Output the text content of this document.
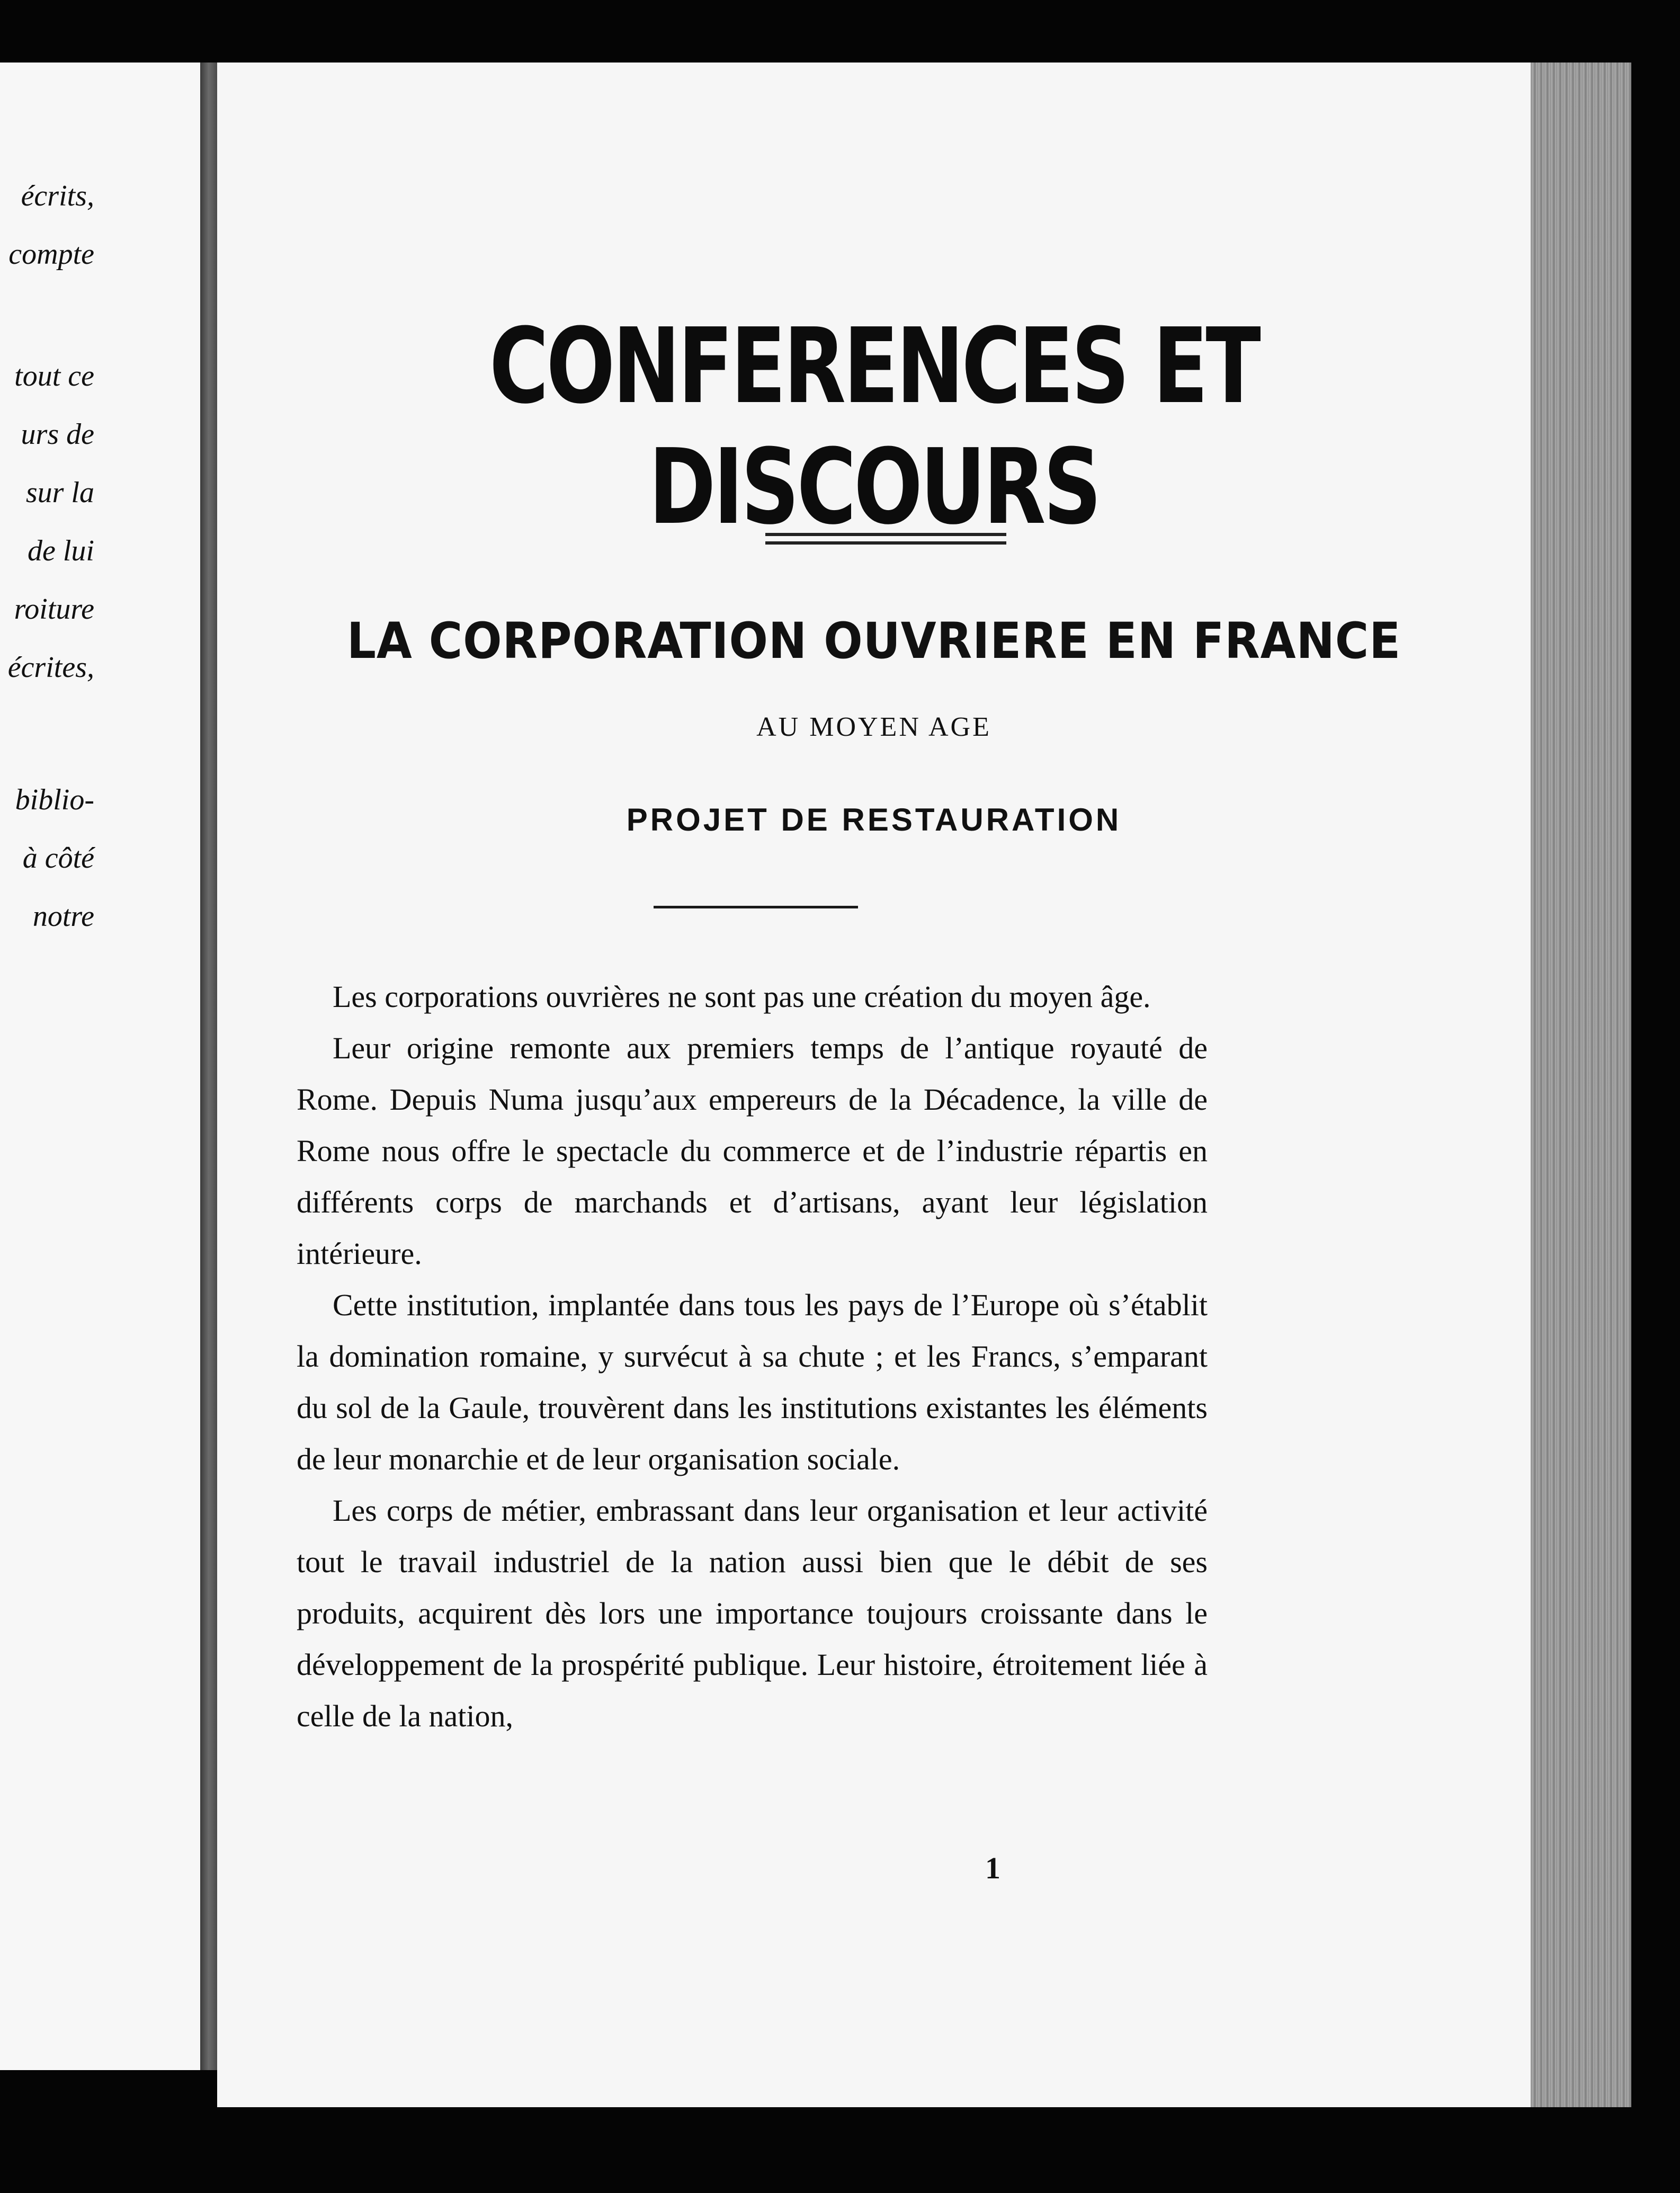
écrits,
compte
tout ce
urs de
sur la
de lui
roiture
écrites,
biblio-
à côté
notre
CONFERENCES ET DISCOURS
LA CORPORATION OUVRIERE EN FRANCE
AU MOYEN AGE
PROJET DE RESTAURATION

Les corporations ouvrières ne sont pas une création du moyen âge.

Leur origine remonte aux premiers temps de l’antique royauté de Rome. Depuis Numa jusqu’aux empereurs de la Décadence, la ville de Rome nous offre le spectacle du commerce et de l’industrie répartis en différents corps de marchands et d’artisans, ayant leur législation intérieure.

Cette institution, implantée dans tous les pays de l’Europe où s’établit la domination romaine, y survécut à sa chute ; et les Francs, s’emparant du sol de la Gaule, trouvèrent dans les institutions existantes les éléments de leur monarchie et de leur organisation sociale.

Les corps de métier, embrassant dans leur organisation et leur activité tout le travail industriel de la nation aussi bien que le débit de ses produits, acquirent dès lors une importance toujours croissante dans le développement de la prospérité publique. Leur histoire, étroitement liée à celle de la nation,

1
